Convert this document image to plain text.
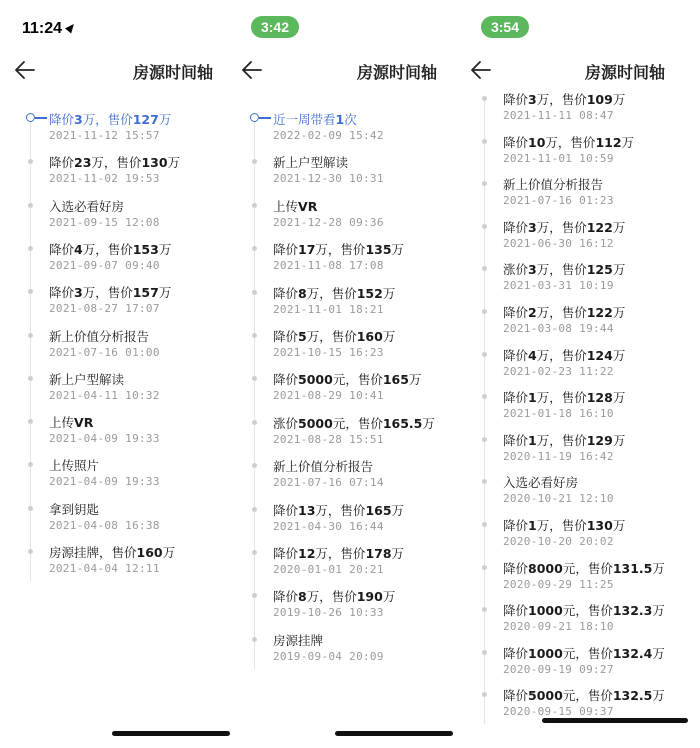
11:24
房源时间轴
降价3万，售价127万
2021-11-12 15:57
降价23万，售价130万
2021-11-02 19:53
入选必看好房
2021-09-15 12:08
降价4万，售价153万
2021-09-07 09:40
降价3万，售价157万
2021-08-27 17:07
新上价值分析报告
2021-07-16 01:00
新上户型解读
2021-04-11 10:32
上传VR
2021-04-09 19:33
上传照片
2021-04-09 19:33
拿到钥匙
2021-04-08 16:38
房源挂牌，售价160万
2021-04-04 12:11
3:42
房源时间轴
近一周带看1次
2022-02-09 15:42
新上户型解读
2021-12-30 10:31
上传VR
2021-12-28 09:36
降价17万，售价135万
2021-11-08 17:08
降价8万，售价152万
2021-11-01 18:21
降价5万，售价160万
2021-10-15 16:23
降价5000元，售价165万
2021-08-29 10:41
涨价5000元，售价165.5万
2021-08-28 15:51
新上价值分析报告
2021-07-16 07:14
降价13万，售价165万
2021-04-30 16:44
降价12万，售价178万
2020-01-01 20:21
降价8万，售价190万
2019-10-26 10:33
房源挂牌
2019-09-04 20:09
3:54
房源时间轴
降价3万，售价109万
2021-11-11 08:47
降价10万，售价112万
2021-11-01 10:59
新上价值分析报告
2021-07-16 01:23
降价3万，售价122万
2021-06-30 16:12
涨价3万，售价125万
2021-03-31 10:19
降价2万，售价122万
2021-03-08 19:44
降价4万，售价124万
2021-02-23 11:22
降价1万，售价128万
2021-01-18 16:10
降价1万，售价129万
2020-11-19 16:42
入选必看好房
2020-10-21 12:10
降价1万，售价130万
2020-10-20 20:02
降价8000元，售价131.5万
2020-09-29 11:25
降价1000元，售价132.3万
2020-09-21 18:10
降价1000元，售价132.4万
2020-09-19 09:27
降价5000元，售价132.5万
2020-09-15 09:37
